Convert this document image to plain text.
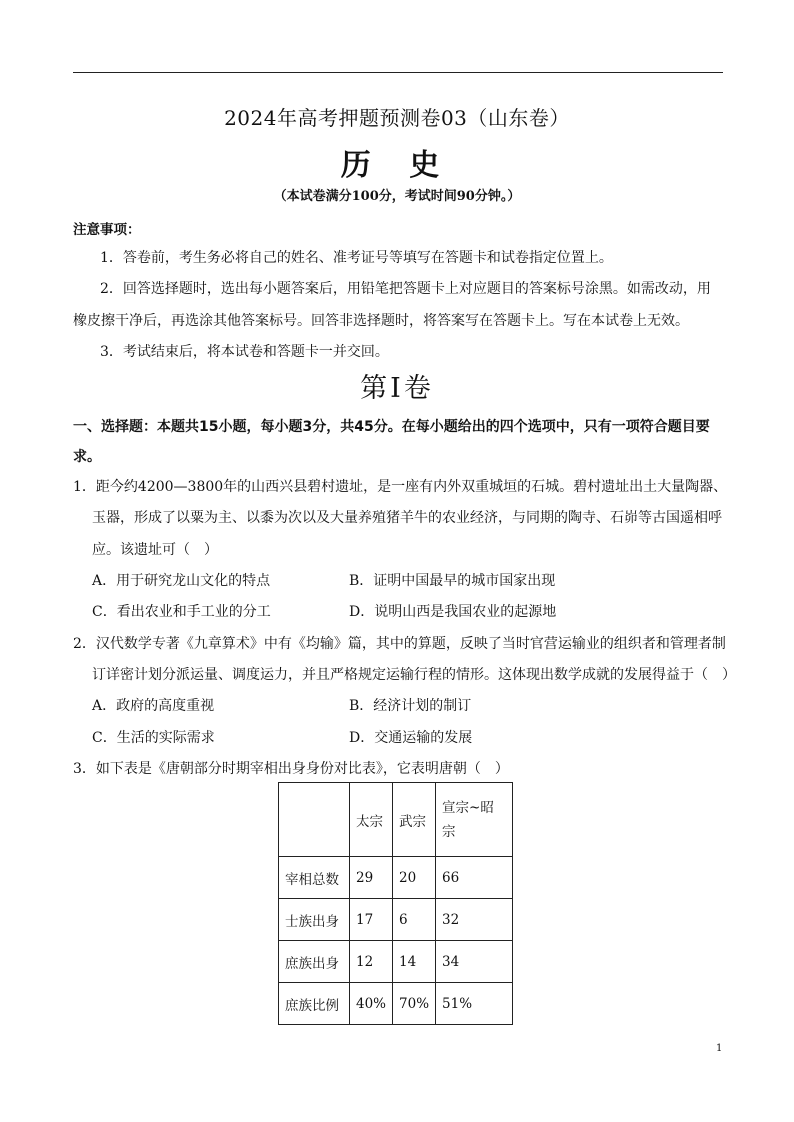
2024年高考押题预测卷03（山东卷）
历 史
（本试卷满分100分，考试时间90分钟。）
注意事项：
1．答卷前，考生务必将自己的姓名、准考证号等填写在答题卡和试卷指定位置上。
2．回答选择题时，选出每小题答案后，用铅笔把答题卡上对应题目的答案标号涂黑。如需改动，用
橡皮擦干净后，再选涂其他答案标号。回答非选择题时，将答案写在答题卡上。写在本试卷上无效。
3．考试结束后，将本试卷和答题卡一并交回。
第Ⅰ卷
一、选择题：本题共15小题，每小题3分，共45分。在每小题给出的四个选项中，只有一项符合题目要
求。
1．距今约4200—3800年的山西兴县碧村遗址，是一座有内外双重城垣的石城。碧村遗址出土大量陶器、
玉器，形成了以粟为主、以黍为次以及大量养殖猪羊牛的农业经济，与同期的陶寺、石峁等古国遥相呼
应。该遗址可（　）
A．用于研究龙山文化的特点	B．证明中国最早的城市国家出现
C．看出农业和手工业的分工	D．说明山西是我国农业的起源地
2．汉代数学专著《九章算术》中有《均输》篇，其中的算题，反映了当时官营运输业的组织者和管理者制
订详密计划分派运量、调度运力，并且严格规定运输行程的情形。这体现出数学成就的发展得益于（　）
A．政府的高度重视	B．经济计划的制订
C．生活的实际需求	D．交通运输的发展
3．如下表是《唐朝部分时期宰相出身身份对比表》，它表明唐朝（　）
	太宗	武宗	宣宗~昭宗
宰相总数	29	20	66
士族出身	17	6	32
庶族出身	12	14	34
庶族比例	40%	70%	51%
1
